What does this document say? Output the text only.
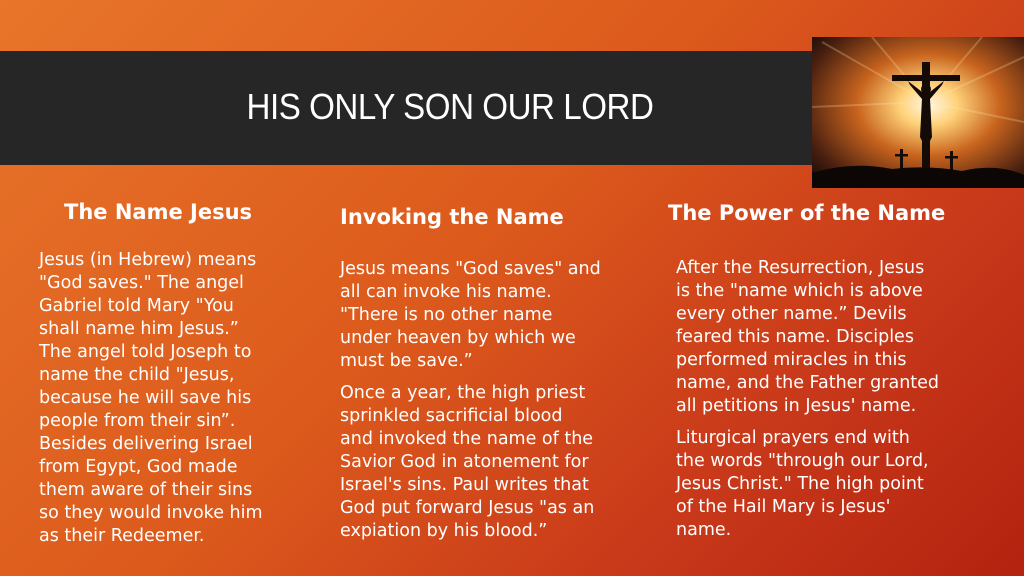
HIS ONLY SON OUR LORD
The Name Jesus

Jesus (in Hebrew) means
"God saves." The angel
Gabriel told Mary "You
shall name him Jesus.”
The angel told Joseph to
name the child "Jesus,
because he will save his
people from their sin”.
Besides delivering Israel
from Egypt, God made
them aware of their sins
so they would invoke him
as their Redeemer.

Invoking the Name

Jesus means "God saves" and
all can invoke his name.
"There is no other name
under heaven by which we
must be save.”

Once a year, the high priest
sprinkled sacrificial blood
and invoked the name of the
Savior God in atonement for
Israel's sins. Paul writes that
God put forward Jesus "as an
expiation by his blood.”

The Power of the Name

After the Resurrection, Jesus
is the "name which is above
every other name.” Devils
feared this name. Disciples
performed miracles in this
name, and the Father granted
all petitions in Jesus' name.

Liturgical prayers end with
the words "through our Lord,
Jesus Christ." The high point
of the Hail Mary is Jesus'
name.
